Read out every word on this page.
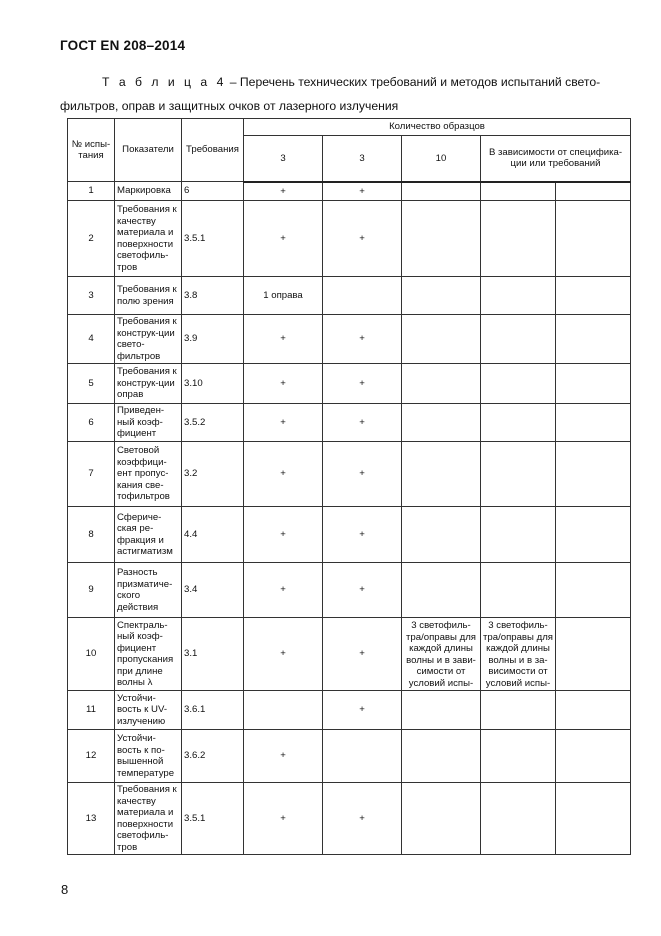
ГОСТ EN 208–2014
Т а б л и ц а 4 – Перечень технических требований и методов испытаний свето-
фильтров, оправ и защитных очков от лазерного излучения
№ испы-тания	Показатели	Требования	Количество образцов				
			3	3	10	В зависимости от специфика-ции или требований	
1	Маркировка	6	+	+			
2	Требования к качеству материала и поверхности светофиль-тров	3.5.1	+	+			
3	Требования к полю зрения	3.8	1 оправа				
4	Требования к конструк-ции свето-фильтров	3.9	+	+			
5	Требования к конструк-ции оправ	3.10	+	+			
6	Приведен-ный коэф-фициент	3.5.2	+	+			
7	Световой коэффици-ент пропус-кания све-тофильтров	3.2	+	+			
8	Сфериче-ская ре-фракция и астигматизм	4.4	+	+			
9	Разность призматиче-ского действия	3.4	+	+			
10	Спектраль-ный коэф-фициент пропускания при длине волны λ	3.1	+	+	3 светофиль-тра/оправы для каждой длины волны и в зави-симости от условий испы-	3 светофиль-тра/оправы для каждой длины волны и в за-висимости от условий испы-	
11	Устойчи-вость к UV-излучению	3.6.1		+			
12	Устойчи-вость к по-вышенной температуре	3.6.2	+				
13	Требования к качеству материала и поверхности светофиль-тров	3.5.1	+	+			
8
